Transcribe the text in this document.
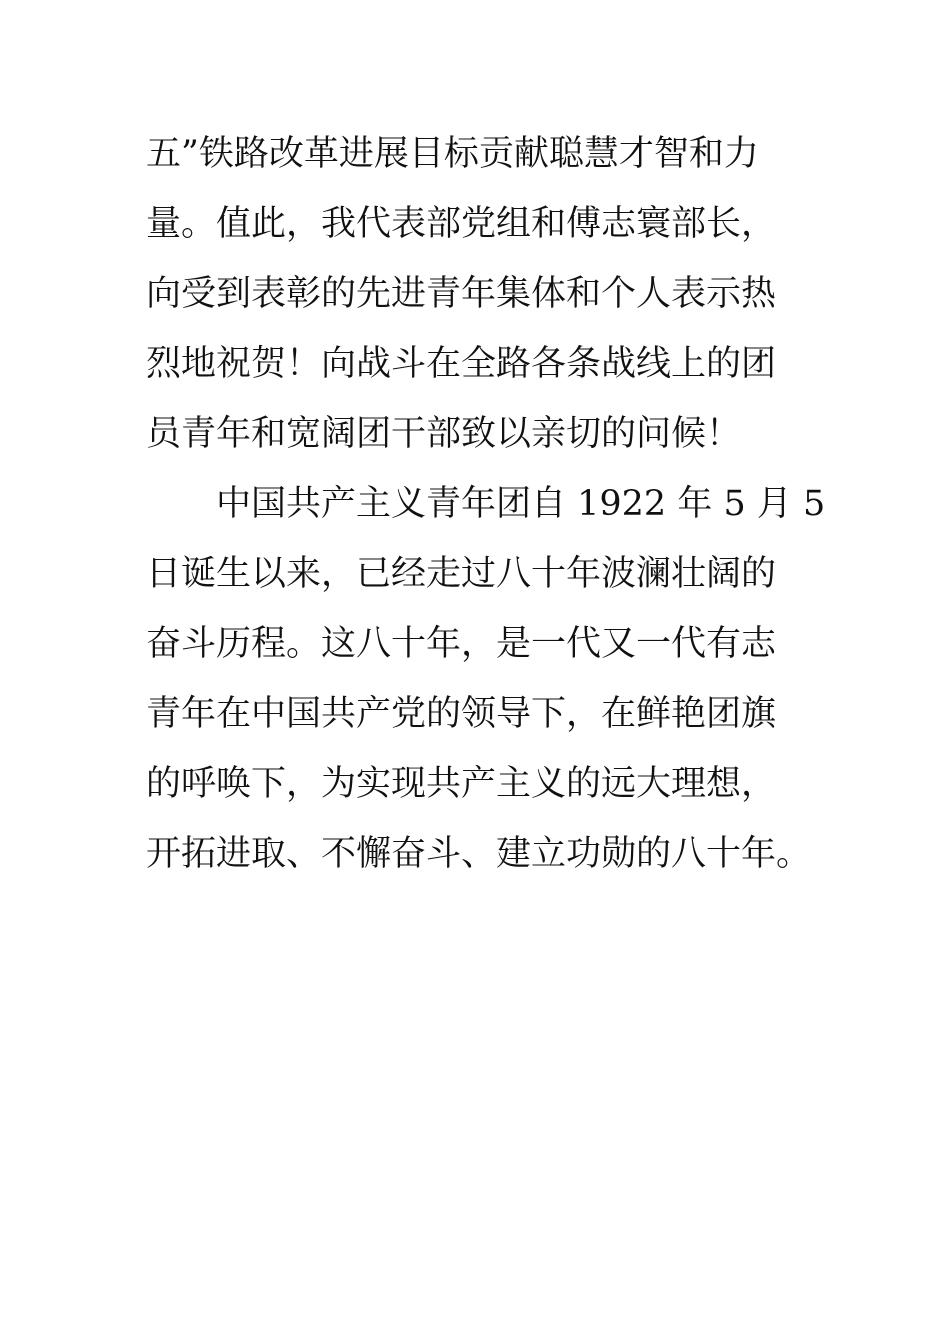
五”铁路改革进展目标贡献聪慧才智和力
量。值此，我代表部党组和傅志寰部长，
向受到表彰的先进青年集体和个人表示热
烈地祝贺！向战斗在全路各条战线上的团
员青年和宽阔团干部致以亲切的问候！
中国共产主义青年团自 1922 年 5 月 5
日诞生以来，已经走过八十年波澜壮阔的
奋斗历程。这八十年，是一代又一代有志
青年在中国共产党的领导下，在鲜艳团旗
的呼唤下，为实现共产主义的远大理想，
开拓进取、不懈奋斗、建立功勋的八十年。
